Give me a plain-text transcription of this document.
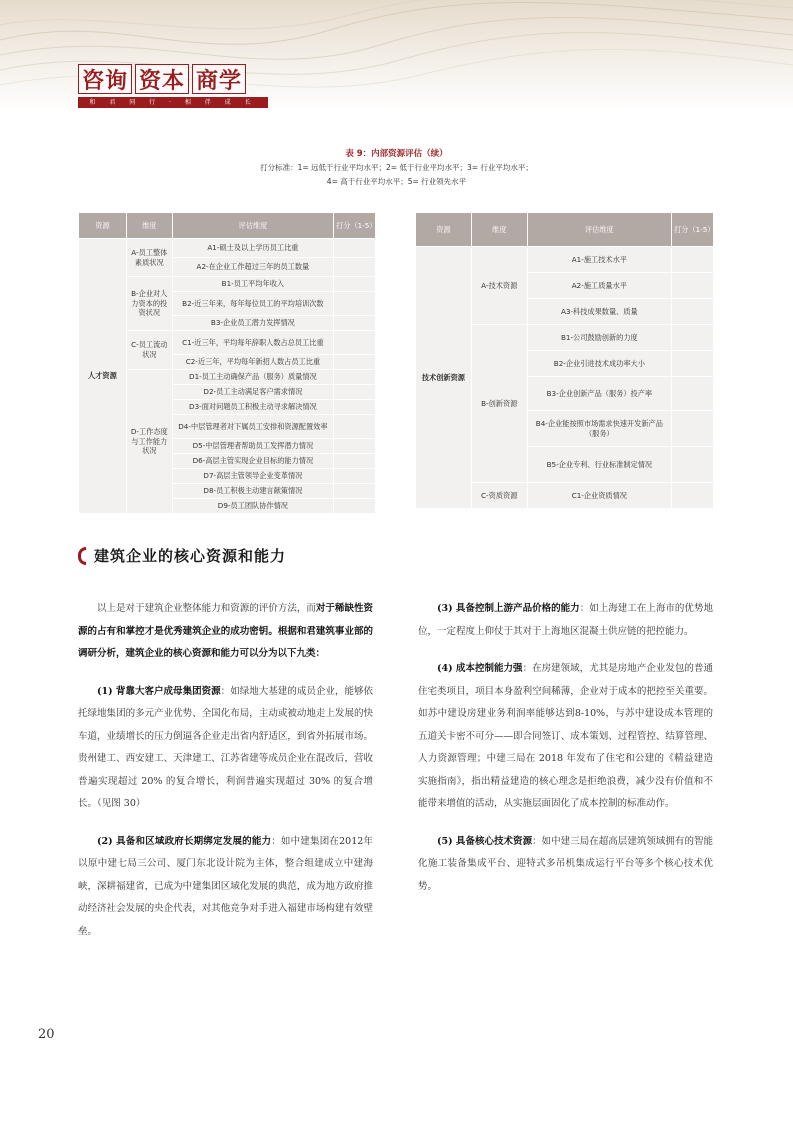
咨询 资本 商学
和 君 同 行 · 相 伴 成 长
表 9：内部资源评估（续）
打分标准：1= 远低于行业平均水平；2= 低于行业平均水平；3= 行业平均水平；
4= 高于行业平均水平；5= 行业领先水平
资源	维度	评估维度	打分（1-5）
人才资源	A-员工整体素质状况	A1-硕士及以上学历员工比重	
		A2-在企业工作超过三年的员工数量	
	B-企业对人力资本的投资状况	B1-员工平均年收入	
		B2-近三年来，每年每位员工的平均培训次数	
		B3-企业员工潜力发挥情况	
	C-员工流动状况	C1-近三年，平均每年辞职人数占总员工比重	
		C2-近三年，平均每年新招人数占员工比重	
	D-工作态度与工作能力状况	D1-员工主动确保产品（服务）质量情况	
		D2-员工主动满足客户需求情况	
		D3-面对问题员工积极主动寻求解决情况	
		D4-中层管理者对下属员工安排和资源配置效率	
		D5-中层管理者帮助员工发挥潜力情况	
		D6-高层主管实现企业目标的能力情况	
		D7-高层主管领导企业变革情况	
		D8-员工积极主动建言献策情况	
		D9-员工团队协作情况	
资源	维度	评估维度	打分（1-5）
技术创新资源	A-技术资源	A1-施工技术水平	
		A2-施工质量水平	
		A3-科技成果数量、质量	
	B-创新资源	B1-公司鼓励创新的力度	
		B2-企业引进技术成功率大小	
		B3-企业创新产品（服务）投产率	
		B4-企业能按照市场需求快速开发新产品（服务）	
		B5-企业专利、行业标准制定情况	
	C-资质资源	C1-企业资质情况	
建筑企业的核心资源和能力

以上是对于建筑企业整体能力和资源的评价方法，而对于稀缺性资源的占有和掌控才是优秀建筑企业的成功密钥。根据和君建筑事业部的调研分析，建筑企业的核心资源和能力可以分为以下九类：

(1) 背靠大客户成母集团资源：如绿地大基建的成员企业，能够依托绿地集团的多元产业优势、全国化布局，主动或被动地走上发展的快车道，业绩增长的压力倒逼各企业走出省内舒适区，到省外拓展市场。贵州建工、西安建工、天津建工、江苏省建等成员企业在混改后，营收普遍实现超过 20% 的复合增长，利润普遍实现超过 30% 的复合增长。（见图 30）

(2) 具备和区域政府长期绑定发展的能力：如中建集团在2012年以原中建七局三公司、厦门东北设计院为主体，整合组建成立中建海峡，深耕福建省，已成为中建集团区域化发展的典范，成为地方政府推动经济社会发展的央企代表，对其他竞争对手进入福建市场构建有效壁垒。

(3) 具备控制上游产品价格的能力：如上海建工在上海市的优势地位，一定程度上仰仗于其对于上海地区混凝土供应链的把控能力。

(4) 成本控制能力强：在房建领域，尤其是房地产企业发包的普通住宅类项目，项目本身盈利空间稀薄，企业对于成本的把控至关重要。如苏中建设房建业务利润率能够达到8-10%，与苏中建设成本管理的五道关卡密不可分——即合同签订、成本策划、过程管控、结算管理、人力资源管理；中建三局在 2018 年发布了住宅和公建的《精益建造实施指南》，指出精益建造的核心理念是拒绝浪费，减少没有价值和不能带来增值的活动，从实施层面固化了成本控制的标准动作。

(5) 具备核心技术资源：如中建三局在超高层建筑领域拥有的智能化施工装备集成平台、迎特式多吊机集成运行平台等多个核心技术优势。

20
